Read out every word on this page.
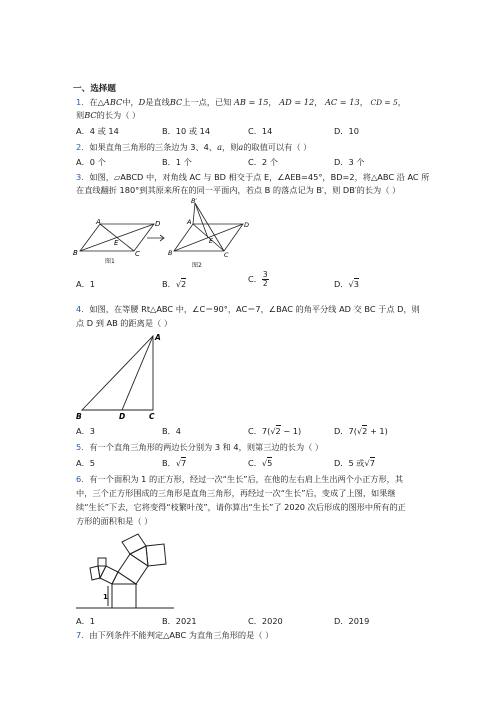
一、选择题
1．在△ABC中，D是直线BC上一点，已知 AB = 15， AD = 12， AC = 13， CD = 5，
则BC的长为（ ）
A．4 或 14	B．10 或 14	C．14	D．10
2．如果直角三角形的三条边为 3、4、a，则a的取值可以有（ ）
A．0 个	B．1 个	C．2 个	D．3 个
3．如图，▱ABCD 中，对角线 AC 与 BD 相交于点 E，∠AEB=45°，BD=2，将△ABC 沿 AC 所
在直线翻折 180°到其原来所在的同一平面内，若点 B 的落点记为 B′，则 DB′的长为（ ）
A	D
B	C
E
图1
B′
A	D
B	C
E
图2
A．1	B．√2	C． $\frac{3}{2}$	D．√3
4．如图，在等腰 Rt△ABC 中，∠C＝90°，AC＝7，∠BAC 的角平分线 AD 交 BC 于点 D，则
点 D 到 AB 的距离是（ ）
A
B	D	C
A．3	B．4	C．7(√2 − 1)	D．7(√2 + 1)
5．有一个直角三角形的两边长分别为 3 和 4，则第三边的长为（ ）
A．5	B．√7	C．√5	D．5 或√7
6．有一个面积为 1 的正方形，经过一次“生长”后，在他的左右肩上生出两个小正方形，其
中，三个正方形围成的三角形是直角三角形，再经过一次“生长”后，变成了上图，如果继
续“生长”下去，它将变得“枝繁叶茂”，请你算出“生长”了 2020 次后形成的图形中所有的正
方形的面积和是（ ）
1
A．1	B．2021	C．2020	D．2019
7．由下列条件不能判定△ABC 为直角三角形的是（ ）
